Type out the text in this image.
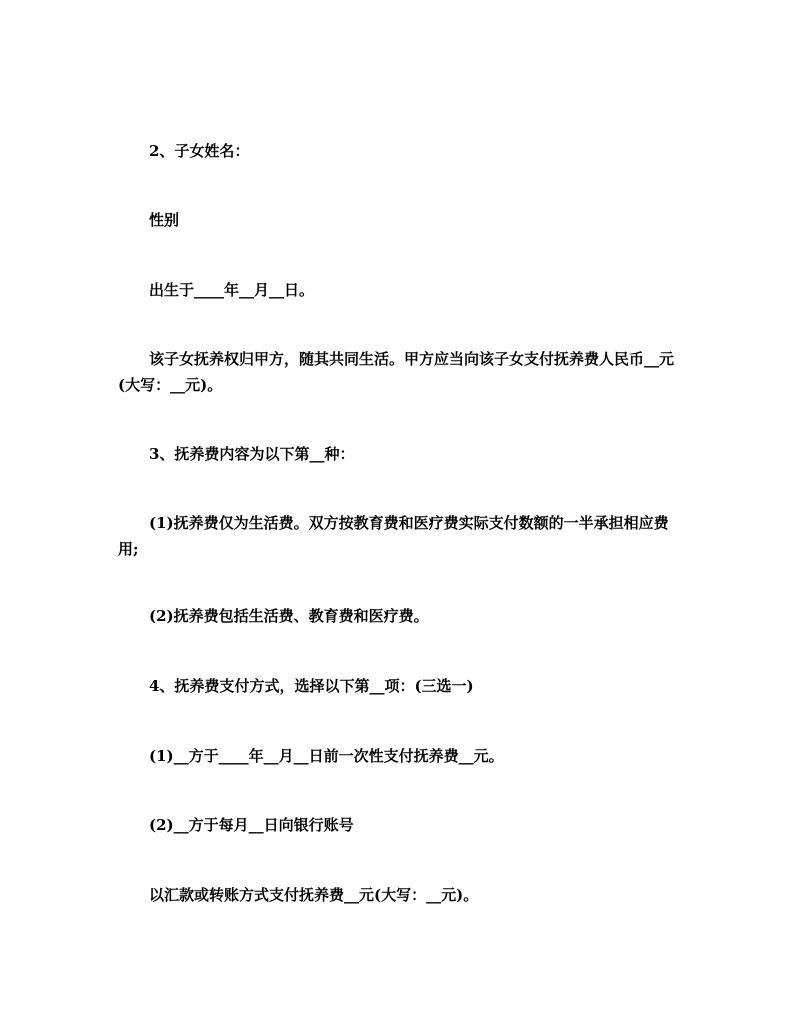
2、子女姓名：

性别

出生于____年__月__日。

该子女抚养权归甲方，随其共同生活。甲方应当向该子女支付抚养费人民币__元(大写：__元)。

3、抚养费内容为以下第__种：

(1)抚养费仅为生活费。双方按教育费和医疗费实际支付数额的一半承担相应费用;

(2)抚养费包括生活费、教育费和医疗费。

4、抚养费支付方式，选择以下第__项：(三选一)

(1)__方于____年__月__日前一次性支付抚养费__元。

(2)__方于每月__日向银行账号

以汇款或转账方式支付抚养费__元(大写：__元)。
